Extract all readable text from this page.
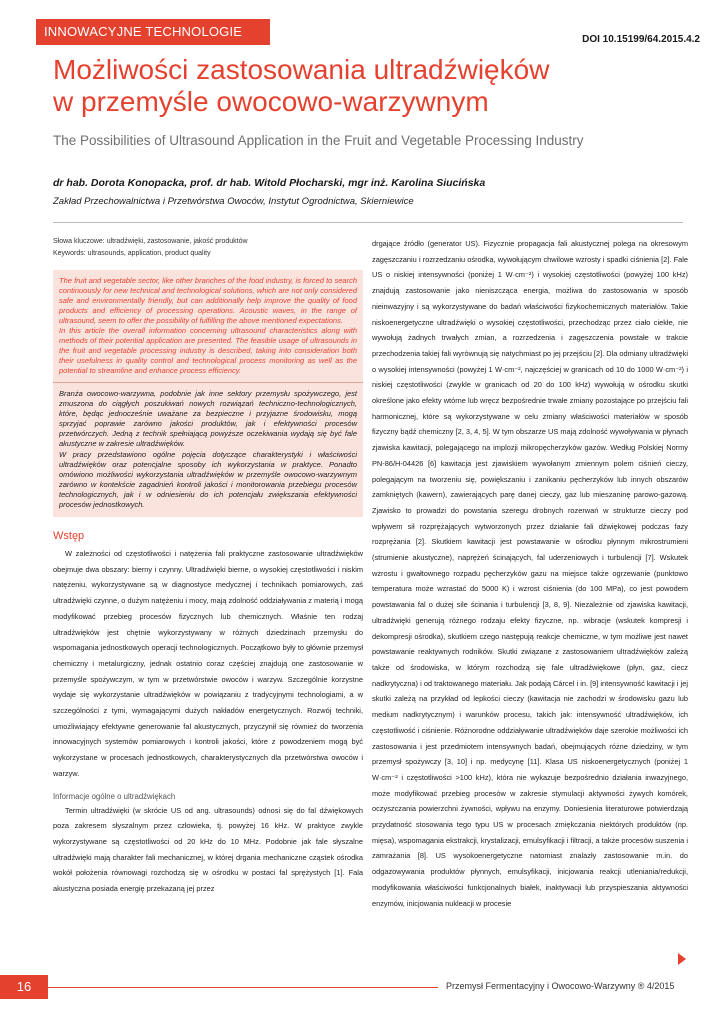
INNOWACYJNE TECHNOLOGIE
DOI 10.15199/64.2015.4.2
Możliwości zastosowania ultradźwięków
w przemyśle owocowo-warzywnym

The Possibilities of Ultrasound Application in the Fruit and Vegetable Processing Industry

dr hab. Dorota Konopacka, prof. dr hab. Witold Płocharski, mgr inż. Karolina Siucińska

Zakład Przechowalnictwa i Przetwórstwa Owoców, Instytut Ogrodnictwa, Skierniewice

Słowa kluczowe: ultradźwięki, zastosowanie, jakość produktów
Keywords: ultrasounds, application, product quality

The fruit and vegetable sector, like other branches of the food industry, is forced to search continuously for new technical and technological solutions, which are not only considered safe and environmentally friendly, but can additionally help improve the quality of food products and efficiency of processing operations. Acoustic waves, in the range of ultrasound, seem to offer the possibility of fulfilling the above mentioned expectations.

In this article the overall information concerning ultrasound characteristics along with methods of their potential application are presented. The feasible usage of ultrasounds in the fruit and vegetable processing industry is described, taking into consideration both their usefulness in quality control and technological process monitoring as well as the potential to streamline and enhance process efficiency.

Branża owocowo-warzywna, podobnie jak inne sektory przemysłu spożywczego, jest zmuszona do ciągłych poszukiwań nowych rozwiązań techniczno-technologicznych, które, będąc jednocześnie uważane za bezpieczne i przyjazne środowisku, mogą sprzyjać poprawie zarówno jakości produktów, jak i efektywności procesów przetwórczych. Jedną z technik spełniającą powyższe oczekiwania wydają się być fale akustyczne w zakresie ultradźwięków.

W pracy przedstawiono ogólne pojęcia dotyczące charakterystyki i właściwości ultradźwięków oraz potencjalne sposoby ich wykorzystania w praktyce. Ponadto omówiono możliwości wykorzystania ultradźwięków w przemyśle owocowo-warzywnym zarówno w kontekście zagadnień kontroli jakości i monitorowania przebiegu procesów technologicznych, jak i w odniesieniu do ich potencjału zwiększania efektywności procesów jednostkowych.

Wstęp

W zależności od częstotliwości i natężenia fali praktyczne zastosowanie ultradźwięków obejmuje dwa obszary: bierny i czynny. Ultradźwięki bierne, o wysokiej częstotliwości i niskim natężeniu, wykorzystywane są w diagnostyce medycznej i technikach pomiarowych, zaś ultradźwięki czynne, o dużym natężeniu i mocy, mają zdolność oddziaływania z materią i mogą modyfikować przebieg procesów fizycznych lub chemicznych. Właśnie ten rodzaj ultradźwięków jest chętnie wykorzystywany w różnych dziedzinach przemysłu do wspomagania jednostkowych operacji technologicznych. Początkowo były to głównie przemysł chemiczny i metalurgiczny, jednak ostatnio coraz częściej znajdują one zastosowanie w przemyśle spożywczym, w tym w przetwórstwie owoców i warzyw. Szczególnie korzystne wydaje się wykorzystanie ultradźwięków w powiązaniu z tradycyjnymi technologiami, a w szczególności z tymi, wymagającymi dużych nakładów energetycznych. Rozwój techniki, umożliwiający efektywne generowanie fal akustycznych, przyczynił się również do tworzenia innowacyjnych systemów pomiarowych i kontroli jakości, które z powodzeniem mogą być wykorzystane w procesach jednostkowych, charakterystycznych dla przetwórstwa owoców i warzyw.

Informacje ogólne o ultradźwiękach

Termin ultradźwięki (w skrócie US od ang. ultrasounds) odnosi się do fal dźwiękowych poza zakresem słyszalnym przez człowieka, tj. powyżej 16 kHz. W praktyce zwykle wykorzystywane są częstotliwości od 20 kHz do 10 MHz. Podobnie jak fale słyszalne ultradźwięki mają charakter fali mechanicznej, w której drgania mechaniczne cząstek ośrodka wokół położenia równowagi rozchodzą się w ośrodku w postaci fal sprężystych [1]. Fala akustyczna posiada energię przekazaną jej przez

drgające źródło (generator US). Fizycznie propagacja fali akustycznej polega na okresowym zagęszczaniu i rozrzedzaniu ośrodka, wywołującym chwilowe wzrosty i spadki ciśnienia [2]. Fale US o niskiej intensywności (poniżej 1 W·cm⁻²) i wysokiej częstotliwości (powyżej 100 kHz) znajdują zastosowanie jako nieniszcząca energia, możliwa do zastosowania w sposób nieinwazyjny i są wykorzystywane do badań właściwości fizykochemicznych materiałów. Takie niskoenergetyczne ultradźwięki o wysokiej częstotliwości, przechodząc przez ciało ciekłe, nie wywołują żadnych trwałych zmian, a rozrzedzenia i zagęszczenia powstałe w trakcie przechodzenia takiej fali wyrównują się natychmiast po jej przejściu [2]. Dla odmiany ultradźwięki o wysokiej intensywności (powyżej 1 W·cm⁻², najczęściej w granicach od 10 do 1000 W·cm⁻²) i niskiej częstotliwości (zwykle w granicach od 20 do 100 kHz) wywołują w ośrodku skutki określone jako efekty wtórne lub wręcz bezpośrednie trwałe zmiany pozostające po przejściu fali harmonicznej, które są wykorzystywane w celu zmiany właściwości materiałów w sposób fizyczny bądź chemiczny [2, 3, 4, 5]. W tym obszarze US mają zdolność wywoływania w płynach zjawiska kawitacji, polegającego na implozji mikropęcherzyków gazów. Według Polskiej Normy PN-86/H-04426 [6] kawitacja jest zjawiskiem wywołanym zmiennym polem ciśnień cieczy, polegającym na tworzeniu się, powiększaniu i zanikaniu pęcherzyków lub innych obszarów zamkniętych (kawern), zawierających parę danej cieczy, gaz lub mieszaninę parowo-gazową. Zjawisko to prowadzi do powstania szeregu drobnych rozerwań w strukturze cieczy pod wpływem sił rozprężających wytworzonych przez działanie fali dźwiękowej podczas fazy rozprężania [2]. Skutkiem kawitacji jest powstawanie w ośrodku płynnym mikrostrumieni (strumienie akustyczne), naprężeń ścinających, fal uderzeniowych i turbulencji [7]. Wskutek wzrostu i gwałtownego rozpadu pęcherzyków gazu na miejsce także ogrzewanie (punktowo temperatura może wzrastać do 5000 K) i wzrost ciśnienia (do 100 MPa), co jest powodem powstawania fal o dużej sile ścinania i turbulencji [3, 8, 9]. Niezależnie od zjawiska kawitacji, ultradźwięki generują różnego rodzaju efekty fizyczne, np. wibracje (wskutek kompresji i dekompresji ośrodka), skutkiem czego następują reakcje chemiczne, w tym możliwe jest nawet powstawanie reaktywnych rodników. Skutki związane z zastosowaniem ultradźwięków zależą także od środowiska, w którym rozchodzą się fale ultradźwiękowe (płyn, gaz, ciecz nadkrytyczna) i od traktowanego materiału. Jak podają Cárcel i in. [9] intensywność kawitacji i jej skutki zależą na przykład od lepkości cieczy (kawitacja nie zachodzi w środowisku gazu lub medium nadkrytycznym) i warunków procesu, takich jak: intensywność ultradźwięków, ich częstotliwość i ciśnienie. Różnorodne oddziaływanie ultradźwięków daje szerokie możliwości ich zastosowania i jest przedmiotem intensywnych badań, obejmujących różne dziedziny, w tym przemysł spożywczy [3, 10] i np. medycynę [11]. Klasa US niskoenergetycznych (poniżej 1 W·cm⁻² i częstotliwości >100 kHz), która nie wykazuje bezpośrednio działania inwazyjnego, może modyfikować przebieg procesów w zakresie stymulacji aktywności żywych komórek, oczyszczania powierzchni żywności, wpływu na enzymy. Doniesienia literaturowe potwierdzają przydatność stosowania tego typu US w procesach zmiękczania niektórych produktów (np. mięsa), wspomagania ekstrakcji, krystalizacji, emulsyfikacji i filtracji, a także procesów suszenia i zamrażania [8]. US wysokoenergetyczne natomiast znalazły zastosowanie m.in. do odgazowywania produktów płynnych, emulsyfikacji, inicjowania reakcji utleniania/redukcji, modyfikowania właściwości funkcjonalnych białek, inaktywacji lub przyspieszania aktywności enzymów, inicjowania nukleacji w procesie

16	Przemysł Fermentacyjny i Owocowo-Warzywny ® 4/2015
